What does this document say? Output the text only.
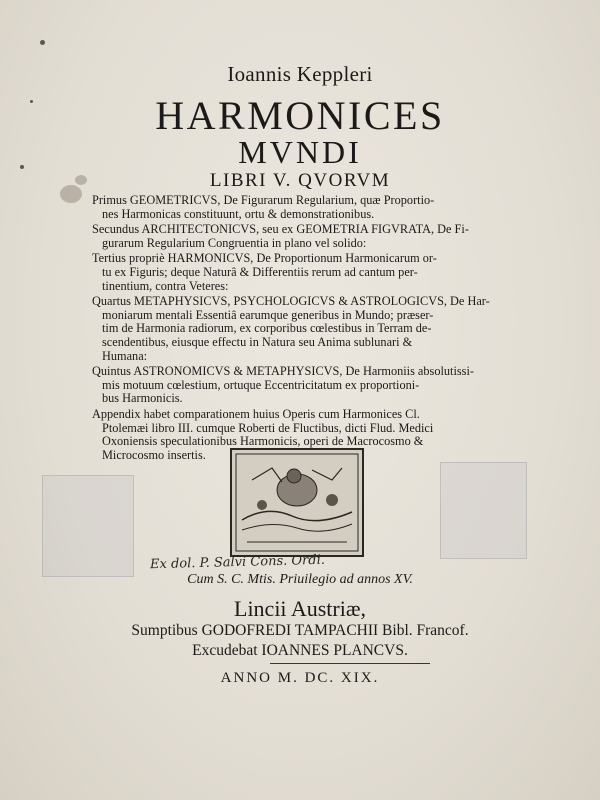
Ioannis Keppleri
HARMONICES
MVNDI
LIBRI V. QVORVM
Primus GEOMETRICVS, De Figurarum Regularium, quæ Proportio-
nes Harmonicas constituunt, ortu & demonstrationibus.
Secundus ARCHITECTONICVS, seu ex GEOMETRIA FIGVRATA, De Fi-
gurarum Regularium Congruentia in plano vel solido:
Tertius propriè HARMONICVS, De Proportionum Harmonicarum or-
tu ex Figuris; deque Naturâ & Differentiis rerum ad cantum per-
tinentium, contra Veteres:
Quartus METAPHYSICVS, PSYCHOLOGICVS & ASTROLOGICVS, De Har-
moniarum mentali Essentiâ earumque generibus in Mundo; præser-
tim de Harmonia radiorum, ex corporibus cœlestibus in Terram de-
scendentibus, eiusque effectu in Natura seu Anima sublunari &
Humana:
Quintus ASTRONOMICVS & METAPHYSICVS, De Harmoniis absolutissi-
mis motuum cœlestium, ortuque Eccentricitatum ex proportioni-
bus Harmonicis.
Appendix habet comparationem huius Operis cum Harmonices Cl.
Ptolemæi libro III. cumque Roberti de Fluctibus, dicti Flud. Medici
Oxoniensis speculationibus Harmonicis, operi de Macrocosmo &
Microcosmo insertis.
Ex dol. P. Salvi Cons. Ordi.
Cum S. C. Mtis. Priuilegio ad annos XV.
Lincii Austriæ,
Sumptibus GODOFREDI TAMPACHII Bibl. Francof.
Excudebat IOANNES PLANCVS.
ANNO M. DC. XIX.
